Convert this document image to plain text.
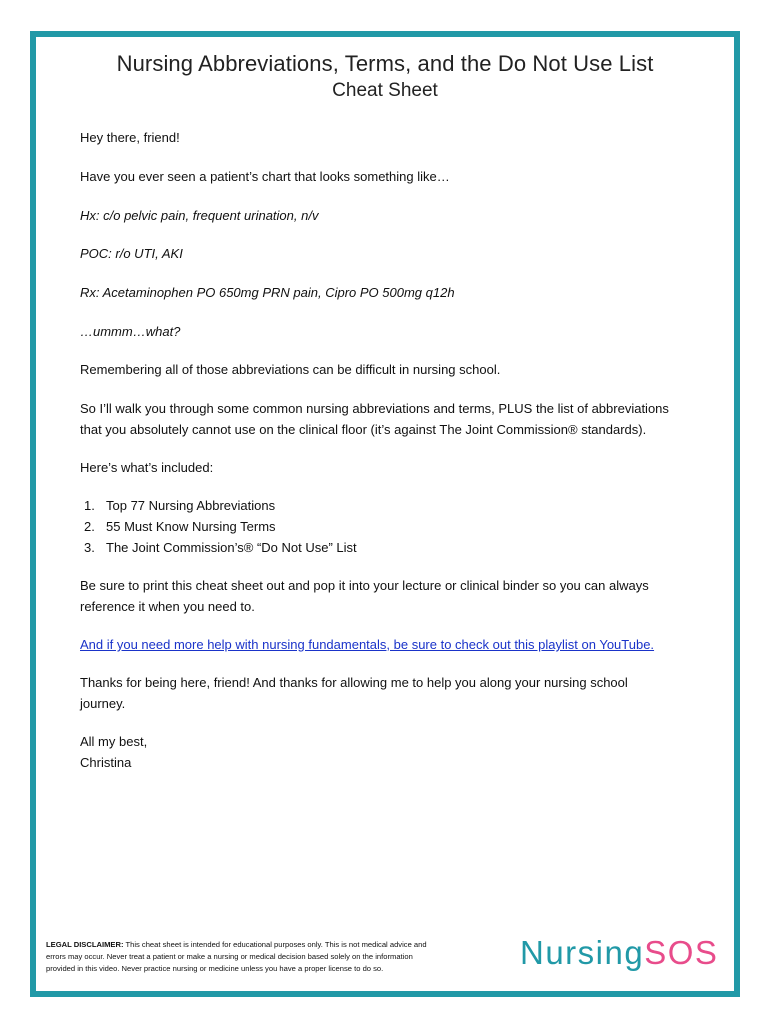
Nursing Abbreviations, Terms, and the Do Not Use List
Cheat Sheet
Hey there, friend!
Have you ever seen a patient’s chart that looks something like…
Hx: c/o pelvic pain, frequent urination, n/v
POC: r/o UTI, AKI
Rx: Acetaminophen PO 650mg PRN pain, Cipro PO 500mg q12h
…ummm…what?
Remembering all of those abbreviations can be difficult in nursing school.
So I’ll walk you through some common nursing abbreviations and terms, PLUS the list of abbreviations
that you absolutely cannot use on the clinical floor (it’s against The Joint Commission® standards).
Here’s what’s included:
1. Top 77 Nursing Abbreviations
2. 55 Must Know Nursing Terms
3. The Joint Commission’s® “Do Not Use” List
Be sure to print this cheat sheet out and pop it into your lecture or clinical binder so you can always
reference it when you need to.
And if you need more help with nursing fundamentals, be sure to check out this playlist on YouTube.
Thanks for being here, friend! And thanks for allowing me to help you along your nursing school
journey.
All my best,
Christina
LEGAL DISCLAIMER: This cheat sheet is intended for educational purposes only. This is not medical advice and
errors may occur. Never treat a patient or make a nursing or medical decision based solely on the information
provided in this video. Never practice nursing or medicine unless you have a proper license to do so.	NursingSOS
